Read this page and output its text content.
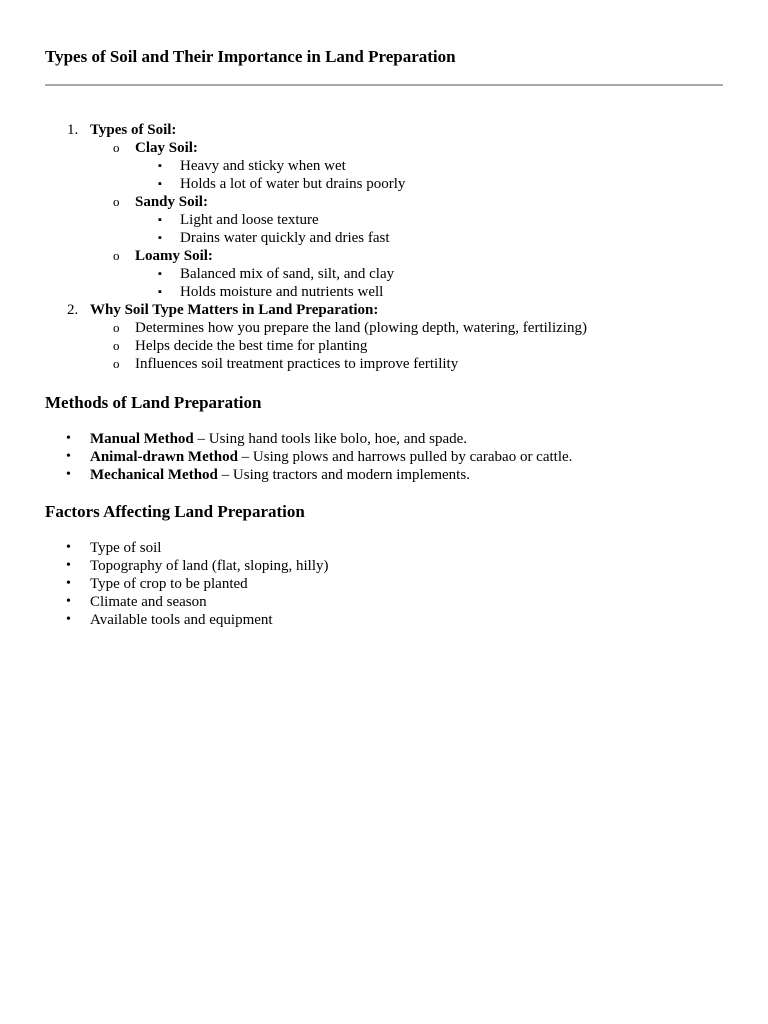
Types of Soil and Their Importance in Land Preparation
1. Types of Soil:
o Clay Soil:
▪ Heavy and sticky when wet
▪ Holds a lot of water but drains poorly
o Sandy Soil:
▪ Light and loose texture
▪ Drains water quickly and dries fast
o Loamy Soil:
▪ Balanced mix of sand, silt, and clay
▪ Holds moisture and nutrients well
2. Why Soil Type Matters in Land Preparation:
o Determines how you prepare the land (plowing depth, watering, fertilizing)
o Helps decide the best time for planting
o Influences soil treatment practices to improve fertility
Methods of Land Preparation
• Manual Method – Using hand tools like bolo, hoe, and spade.
• Animal-drawn Method – Using plows and harrows pulled by carabao or cattle.
• Mechanical Method – Using tractors and modern implements.
Factors Affecting Land Preparation
• Type of soil
• Topography of land (flat, sloping, hilly)
• Type of crop to be planted
• Climate and season
• Available tools and equipment
